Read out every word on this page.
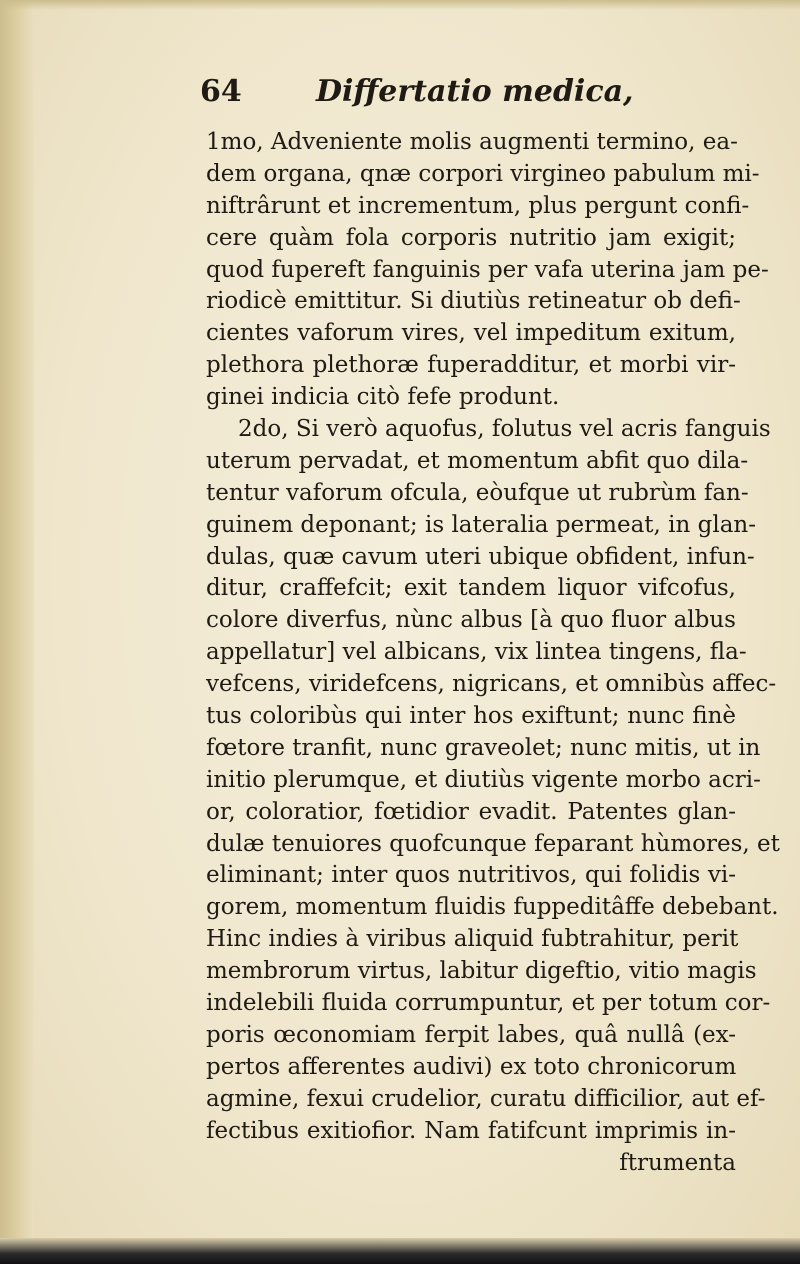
64 Differtatio medica,
1mo, Adveniente molis augmenti termino, ea-
dem organa, qnæ corpori virgineo pabulum mi-
niftrârunt et incrementum, plus pergunt confi-
cere quàm fola corporis nutritio jam exigit;
quod fupereft fanguinis per vafa uterina jam pe-
riodicè emittitur. Si diutiùs retineatur ob defi-
cientes vaforum vires, vel impeditum exitum,
plethora plethoræ fuperadditur, et morbi vir-
ginei indicia citò fefe produnt.
2do, Si verò aquofus, folutus vel acris fanguis
uterum pervadat, et momentum abfit quo dila-
tentur vaforum ofcula, eòufque ut rubrùm fan-
guinem deponant; is lateralia permeat, in glan-
dulas, quæ cavum uteri ubique obfident, infun-
ditur, craffefcit; exit tandem liquor vifcofus,
colore diverfus, nùnc albus [à quo fluor albus
appellatur] vel albicans, vix lintea tingens, fla-
vefcens, viridefcens, nigricans, et omnibùs affec-
tus coloribùs qui inter hos exiftunt; nunc finè
fœtore tranfit, nunc graveolet; nunc mitis, ut in
initio plerumque, et diutiùs vigente morbo acri-
or, coloratior, fœtidior evadit. Patentes glan-
dulæ tenuiores quofcunque feparant hùmores, et
eliminant; inter quos nutritivos, qui folidis vi-
gorem, momentum fluidis fuppeditâffe debebant.
Hinc indies à viribus aliquid fubtrahitur, perit
membrorum virtus, labitur digeftio, vitio magis
indelebili fluida corrumpuntur, et per totum cor-
poris œconomiam ferpit labes, quâ nullâ (ex-
pertos afferentes audivi) ex toto chronicorum
agmine, fexui crudelior, curatu difficilior, aut ef-
fectibus exitiofior. Nam fatifcunt imprimis in-
ftrumenta
